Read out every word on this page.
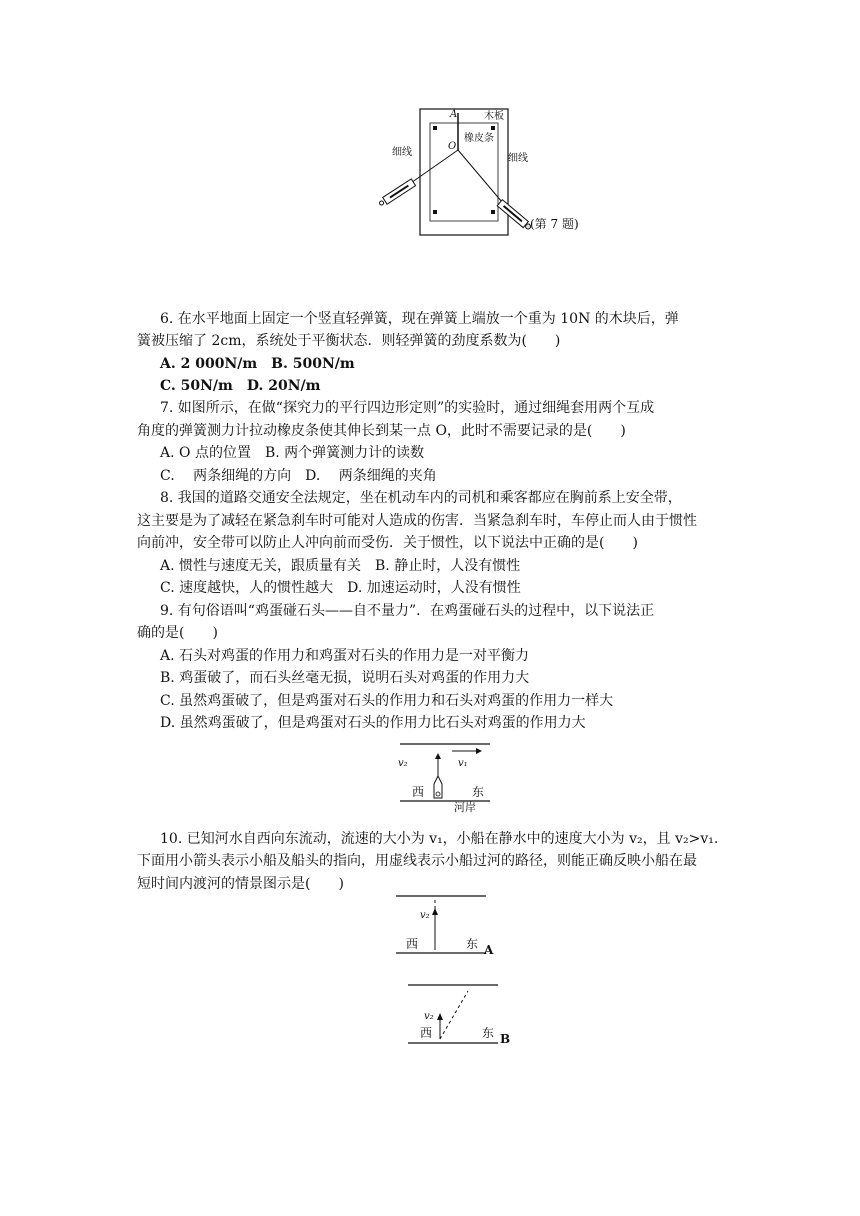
A	木板
O
橡皮条
细线
细线
(第 7 题)
6. 在水平地面上固定一个竖直轻弹簧，现在弹簧上端放一个重为 10N 的木块后，弹
簧被压缩了 2cm，系统处于平衡状态．则轻弹簧的劲度系数为(　　)
A. 2 000N/m　B. 500N/m
C. 50N/m　D. 20N/m
7. 如图所示，在做“探究力的平行四边形定则”的实验时，通过细绳套用两个互成
角度的弹簧测力计拉动橡皮条使其伸长到某一点 O，此时不需要记录的是(　　)
A. O 点的位置　B. 两个弹簧测力计的读数
C.　 两条细绳的方向　D.　 两条细绳的夹角
8. 我国的道路交通安全法规定，坐在机动车内的司机和乘客都应在胸前系上安全带，
这主要是为了减轻在紧急刹车时可能对人造成的伤害．当紧急刹车时，车停止而人由于惯性
向前冲，安全带可以防止人冲向前而受伤．关于惯性，以下说法中正确的是(　　)
A. 惯性与速度无关，跟质量有关　B. 静止时，人没有惯性
C. 速度越快，人的惯性越大　D. 加速运动时，人没有惯性
9. 有句俗语叫“鸡蛋碰石头——自不量力”．在鸡蛋碰石头的过程中，以下说法正
确的是(　　)
A. 石头对鸡蛋的作用力和鸡蛋对石头的作用力是一对平衡力
B. 鸡蛋破了，而石头丝毫无损，说明石头对鸡蛋的作用力大
C. 虽然鸡蛋破了，但是鸡蛋对石头的作用力和石头对鸡蛋的作用力一样大
D. 虽然鸡蛋破了，但是鸡蛋对石头的作用力比石头对鸡蛋的作用力大
v₂	v₁
西	东
河岸
10. 已知河水自西向东流动，流速的大小为 v₁，小船在静水中的速度大小为 v₂，且 v₂>v₁.
下面用小箭头表示小船及船头的指向，用虚线表示小船过河的路径，则能正确反映小船在最
短时间内渡河的情景图示是(　　)
v₂
西	东 A
v₂
西	东 B
